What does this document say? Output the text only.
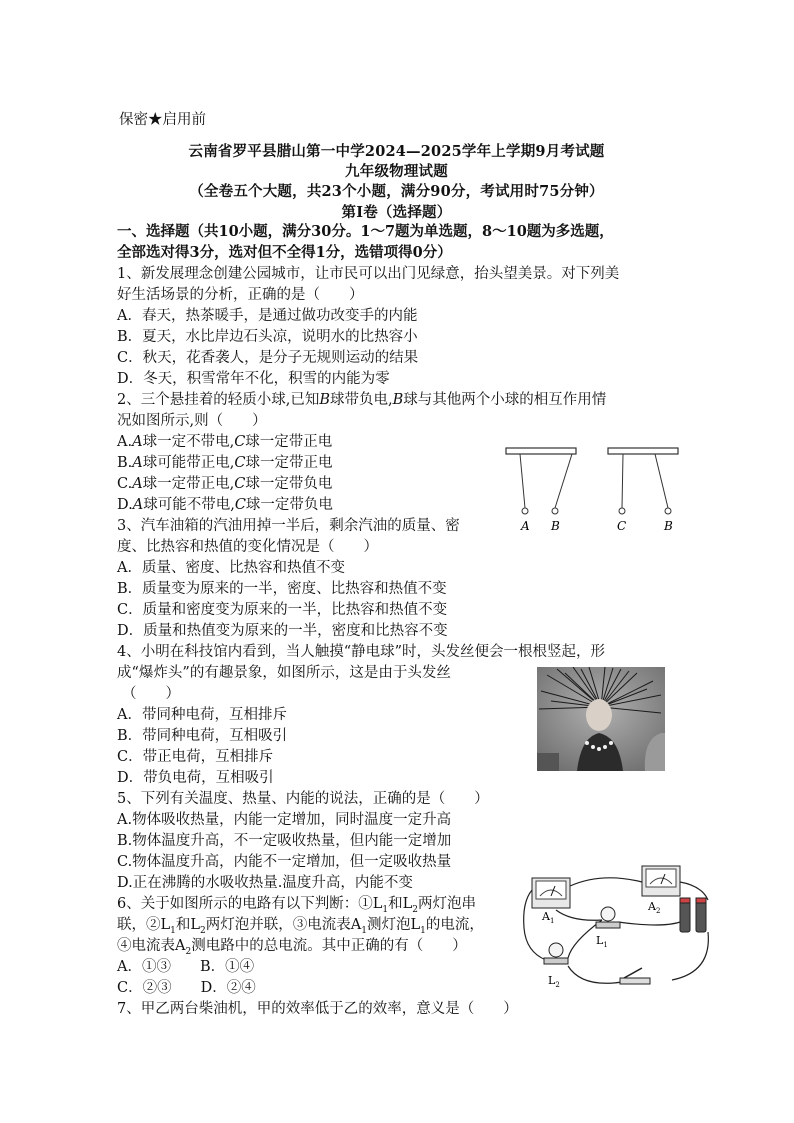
保密★启用前
云南省罗平县腊山第一中学2024—2025学年上学期9月考试题
九年级物理试题
（全卷五个大题，共23个小题，满分90分，考试用时75分钟）
第Ⅰ卷（选择题）
一、选择题（共10小题，满分30分。1～7题为单选题，8～10题为多选题，
全部选对得3分，选对但不全得1分，选错项得0分）
1、新发展理念创建公园城市，让市民可以出门见绿意，抬头望美景。对下列美
好生活场景的分析，正确的是（　　）
A．春天，热茶暖手，是通过做功改变手的内能
B．夏天，水比岸边石头凉，说明水的比热容小
C．秋天，花香袭人，是分子无规则运动的结果
D．冬天，积雪常年不化，积雪的内能为零
2、三个悬挂着的轻质小球,已知B球带负电,B球与其他两个小球的相互作用情
况如图所示,则（　　）
A.A球一定不带电,C球一定带正电
B.A球可能带正电,C球一定带正电
C.A球一定带正电,C球一定带负电
D.A球可能不带电,C球一定带负电
A B	C	B
3、汽车油箱的汽油用掉一半后，剩余汽油的质量、密
度、比热容和热值的变化情况是（　　）
A．质量、密度、比热容和热值不变
B．质量变为原来的一半，密度、比热容和热值不变
C．质量和密度变为原来的一半，比热容和热值不变
D．质量和热值变为原来的一半，密度和比热容不变
4、小明在科技馆内看到，当人触摸“静电球”时，头发丝便会一根根竖起，形
成“爆炸头”的有趣景象，如图所示，这是由于头发丝
（　　）
A．带同种电荷，互相排斥
B．带同种电荷，互相吸引
C．带正电荷，互相排斥
D．带负电荷，互相吸引
5、下列有关温度、热量、内能的说法，正确的是（　　）
A.物体吸收热量，内能一定增加，同时温度一定升高
B.物体温度升高，不一定吸收热量，但内能一定增加
C.物体温度升高，内能不一定增加，但一定吸收热量
D.正在沸腾的水吸收热量.温度升高，内能不变
6、关于如图所示的电路有以下判断：$①L_1$和$L_2$两灯泡串
联，$②L_1$和$L_2$两灯泡并联，③电流表$A_1$测灯泡$L_1$的电流，
④电流表$A_2$测电路中的总电流。其中正确的有（　　）
A．①③　　B．①④
C．②③　　D．②④
$A_1$
$A_2$
$L_1$
$L_2$
7、甲乙两台柴油机，甲的效率低于乙的效率，意义是（　　）
